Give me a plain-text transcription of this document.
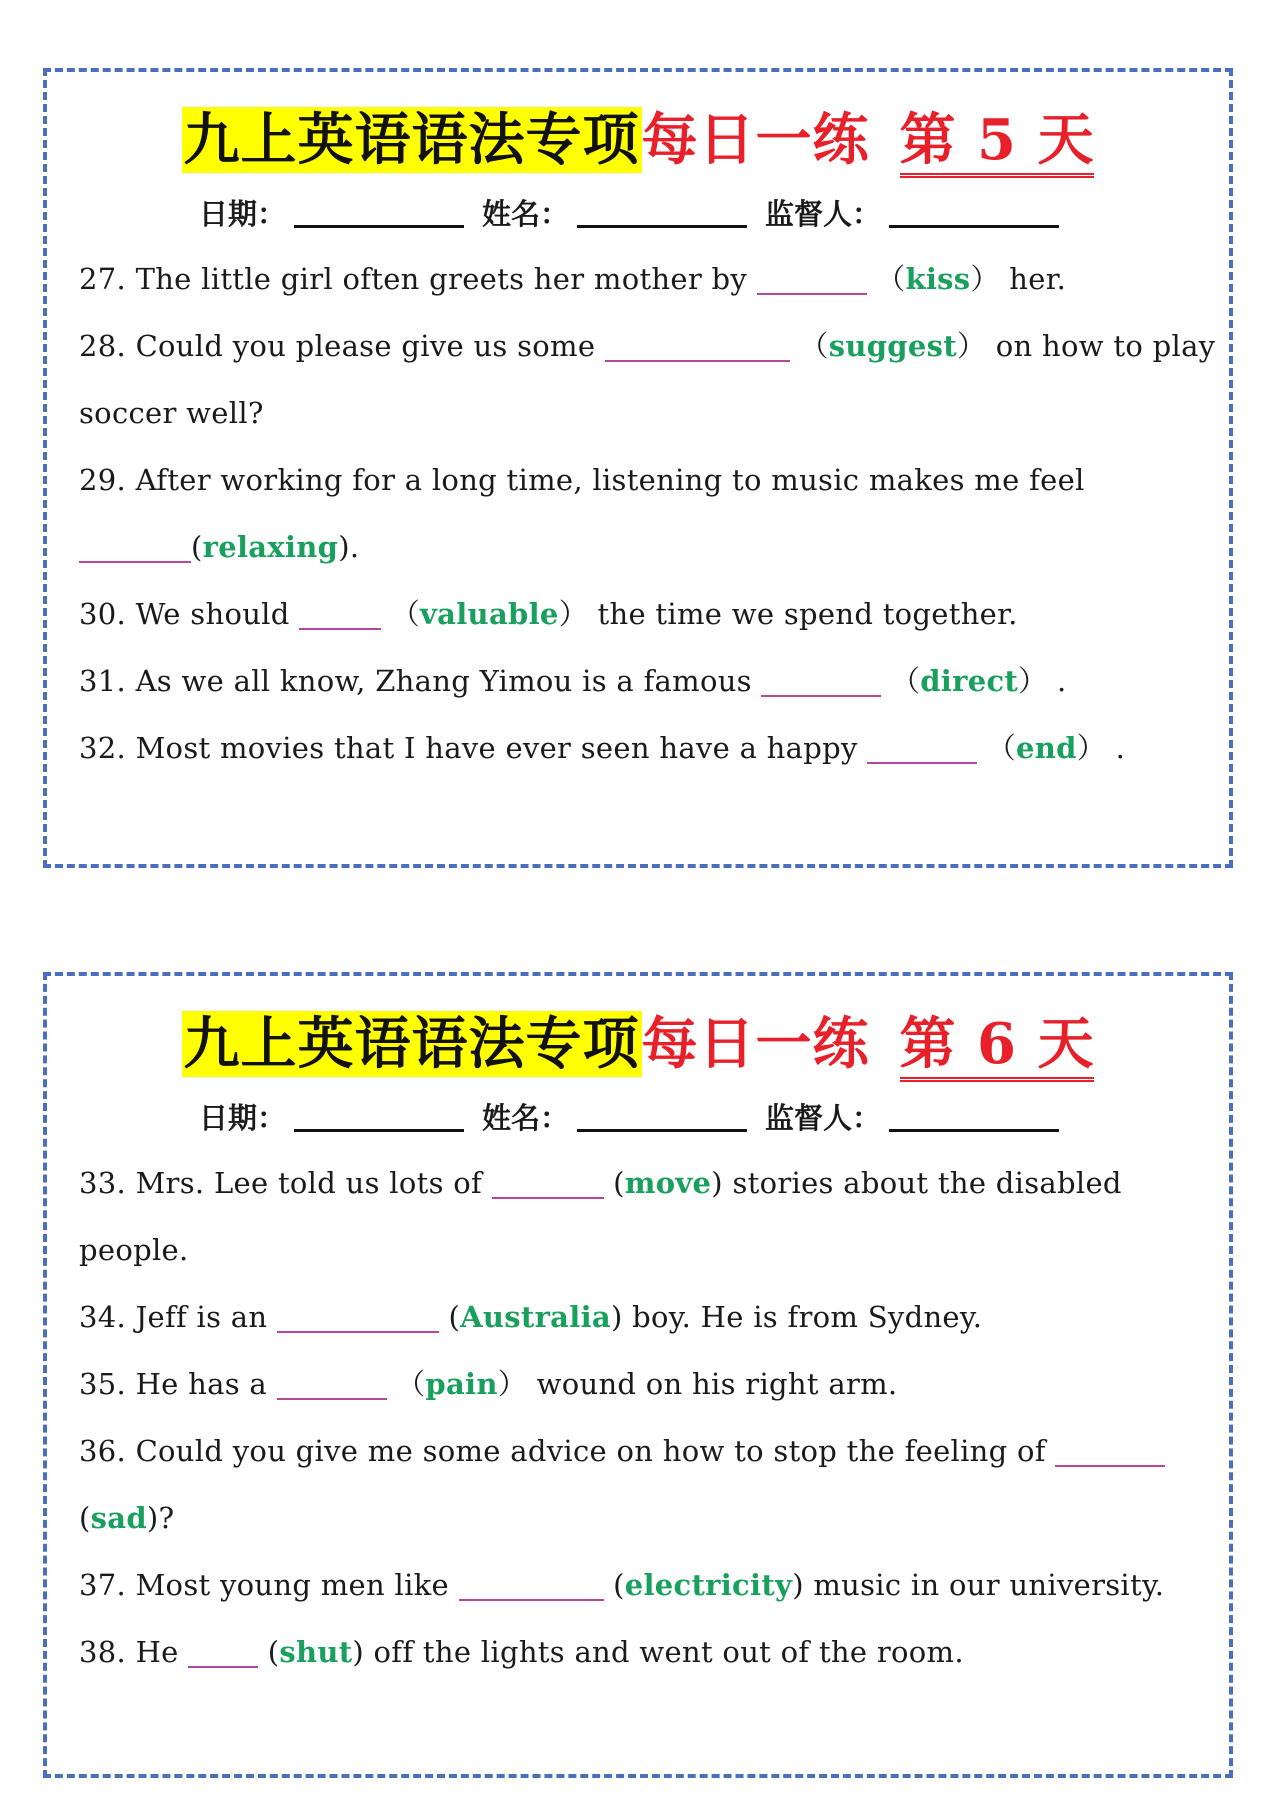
九上英语语法专项每日一练 第 5 天
日期：	姓名：	监督人：
27. The little girl often greets her mother by	（kiss） her.
28. Could you please give us some	（suggest） on how to play
soccer well?
29. After working for a long time, listening to music makes me feel
(relaxing).
30. We should	（valuable） the time we spend together.
31. As we all know, Zhang Yimou is a famous	（direct） .
32. Most movies that I have ever seen have a happy	（end） .
九上英语语法专项每日一练 第 6 天
日期：	姓名：	监督人：
33. Mrs. Lee told us lots of	(move) stories about the disabled
people.
34. Jeff is an	(Australia) boy. He is from Sydney.
35. He has a	（pain） wound on his right arm.
36. Could you give me some advice on how to stop the feeling of
(sad)?
37. Most young men like	(electricity) music in our university.
38. He	(shut) off the lights and went out of the room.
